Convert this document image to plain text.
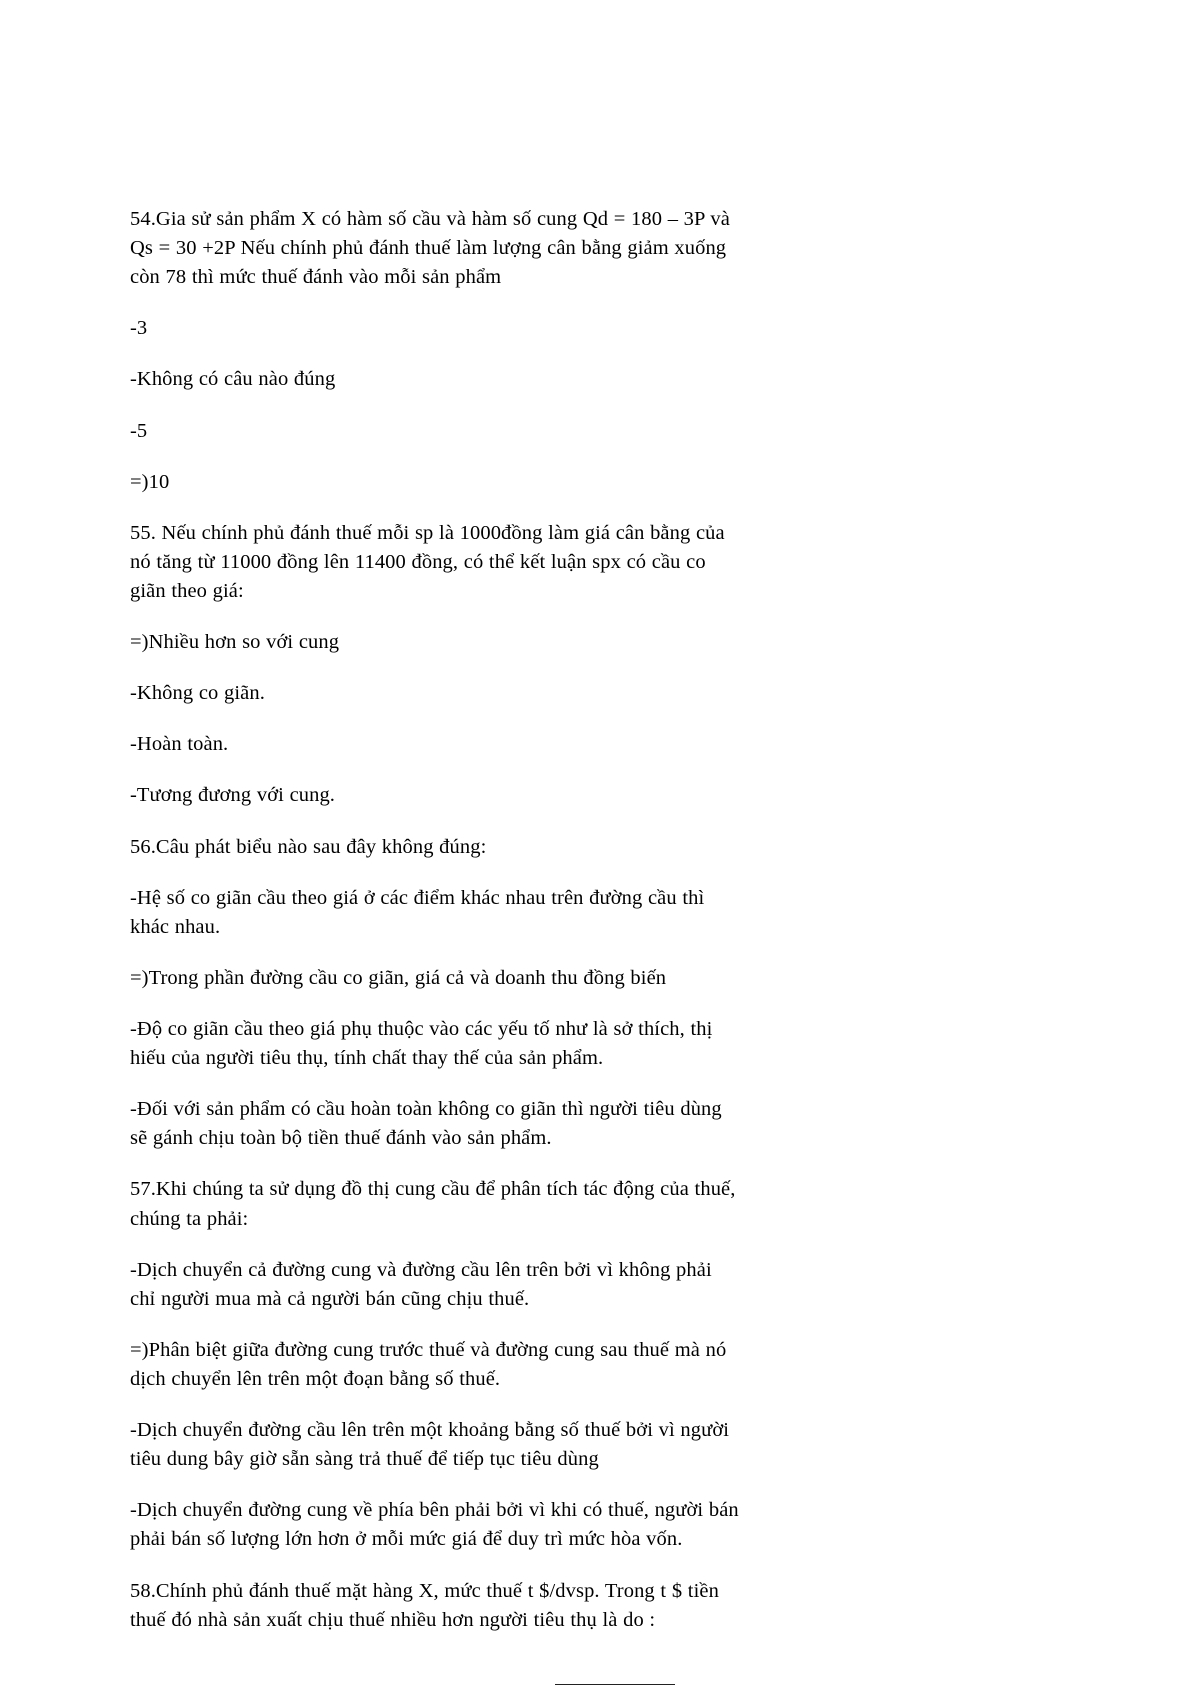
54.Gia sử sản phẩm X có hàm số cầu và hàm số cung Qd = 180 – 3P và Qs = 30 +2P Nếu chính phủ đánh thuế làm lượng cân bằng giảm xuống còn 78 thì mức thuế đánh vào mỗi sản phẩm

-3

-Không có câu nào đúng

-5

=)10

55. Nếu chính phủ đánh thuế mỗi sp là 1000đồng làm giá cân bằng của nó tăng từ 11000 đồng lên 11400 đồng, có thể kết luận spx có cầu co giãn theo giá:

=)Nhiều hơn so với cung

-Không co giãn.

-Hoàn toàn.

-Tương đương với cung.

56.Câu phát biểu nào sau đây không đúng:

-Hệ số co giãn cầu theo giá ở các điểm khác nhau trên đường cầu thì khác nhau.

=)Trong phần đường cầu co giãn, giá cả và doanh thu đồng biến

-Độ co giãn cầu theo giá phụ thuộc vào các yếu tố như là sở thích, thị hiếu của người tiêu thụ, tính chất thay thế của sản phẩm.

-Đối với sản phẩm có cầu hoàn toàn không co giãn thì người tiêu dùng sẽ gánh chịu toàn bộ tiền thuế đánh vào sản phẩm.

57.Khi chúng ta sử dụng đồ thị cung cầu để phân tích tác động của thuế, chúng ta phải:

-Dịch chuyển cả đường cung và đường cầu lên trên bởi vì không phải chỉ người mua mà cả người bán cũng chịu thuế.

=)Phân biệt giữa đường cung trước thuế và đường cung sau thuế mà nó dịch chuyển lên trên một đoạn bằng số thuế.

-Dịch chuyển đường cầu lên trên một khoảng bằng số thuế bởi vì người tiêu dung bây giờ sẵn sàng trả thuế để tiếp tục tiêu dùng

-Dịch chuyển đường cung về phía bên phải bởi vì khi có thuế, người bán phải bán số lượng lớn hơn ở mỗi mức giá để duy trì mức hòa vốn.

58.Chính phủ đánh thuế mặt hàng X, mức thuế t $/dvsp. Trong t $ tiền thuế đó nhà sản xuất chịu thuế nhiều hơn người tiêu thụ là do :
